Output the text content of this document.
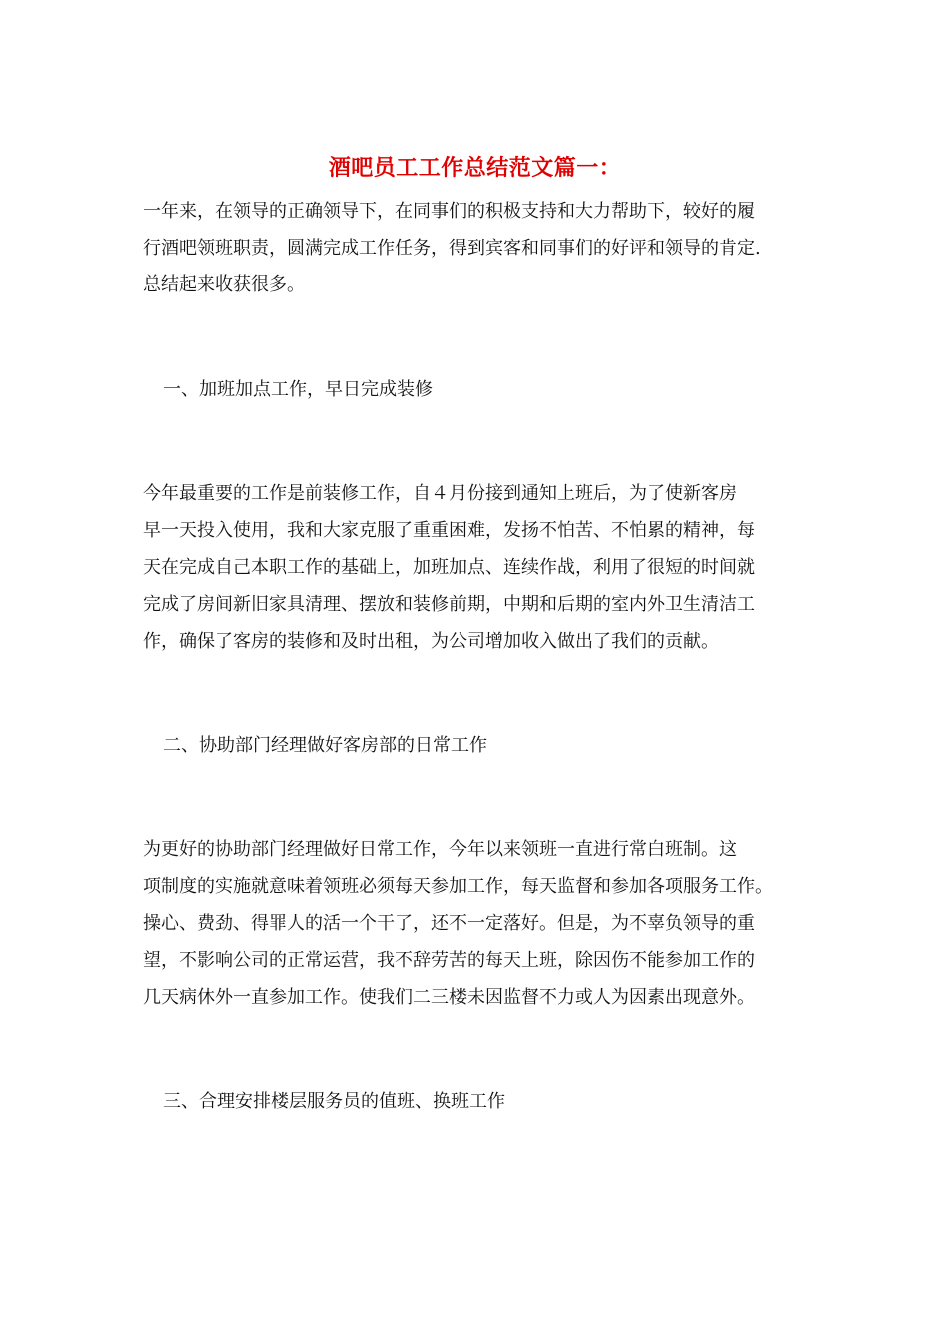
酒吧员工工作总结范文篇一：
一年来，在领导的正确领导下，在同事们的积极支持和大力帮助下，较好的履
行酒吧领班职责，圆满完成工作任务，得到宾客和同事们的好评和领导的肯定.
总结起来收获很多。
一、加班加点工作，早日完成装修
今年最重要的工作是前装修工作，自４月份接到通知上班后，为了使新客房
早一天投入使用，我和大家克服了重重困难，发扬不怕苦、不怕累的精神，每
天在完成自己本职工作的基础上，加班加点、连续作战，利用了很短的时间就
完成了房间新旧家具清理、摆放和装修前期，中期和后期的室内外卫生清洁工
作，确保了客房的装修和及时出租，为公司增加收入做出了我们的贡献。
二、协助部门经理做好客房部的日常工作
为更好的协助部门经理做好日常工作，今年以来领班一直进行常白班制。这
项制度的实施就意味着领班必须每天参加工作，每天监督和参加各项服务工作。
操心、费劲、得罪人的活一个干了，还不一定落好。但是，为不辜负领导的重
望，不影响公司的正常运营，我不辞劳苦的每天上班，除因伤不能参加工作的
几天病休外一直参加工作。使我们二三楼未因监督不力或人为因素出现意外。
三、合理安排楼层服务员的值班、换班工作
